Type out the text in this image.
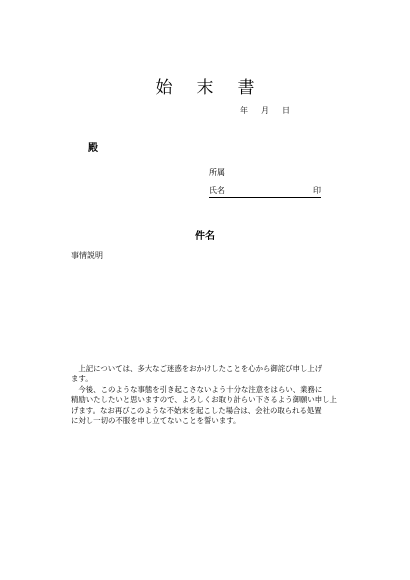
始 末 書
年 月 日
殿
所属
氏名	印
件名
事情説明
　上記については、多大なご迷惑をおかけしたことを心から御詫び申し上げ
ます。
　今後、このような事態を引き起こさないよう十分な注意をはらい、業務に
精励いたしたいと思いますので、よろしくお取り計らい下さるよう御願い申し上
げます。なお再びこのような不始末を起こした場合は、会社の取られる処置
に対し一切の不服を申し立てないことを誓います。
